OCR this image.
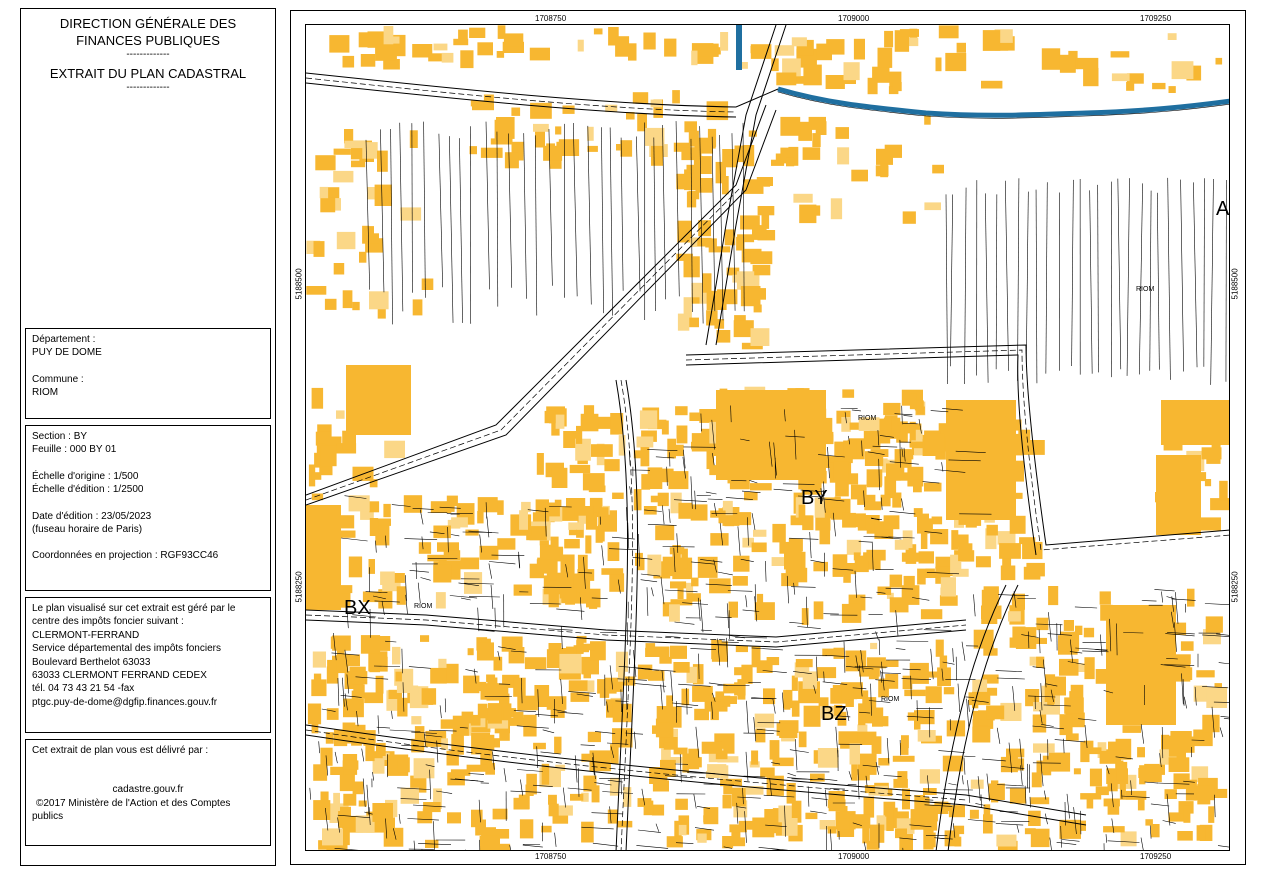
DIRECTION GÉNÉRALE DES
FINANCES PUBLIQUES
-------------
EXTRAIT DU PLAN CADASTRAL
-------------

Département :

PUY DE DOME

Commune :

RIOM

Section : BY

Feuille : 000 BY 01

Échelle d'origine : 1/500

Échelle d'édition : 1/2500

Date d'édition : 23/05/2023

(fuseau horaire de Paris)

Coordonnées en projection : RGF93CC46

Le plan visualisé sur cet extrait est géré par le

centre des impôts foncier suivant :

CLERMONT-FERRAND

Service départemental des impôts fonciers

Boulevard Berthelot 63033

63033 CLERMONT FERRAND CEDEX

tél. 04 73 43 21 54 -fax

ptgc.puy-de-dome@dgfip.finances.gouv.fr

Cet extrait de plan vous est délivré par :

cadastre.gouv.fr

©2017 Ministère de l'Action et des Comptes

publics

1708750	1709000	1709250
1708750	1709000	1709250
5188500
5188250
5188500
5188250
BY
BX
BZ
A
RIOM
RIOM
RIOM
RIOM
